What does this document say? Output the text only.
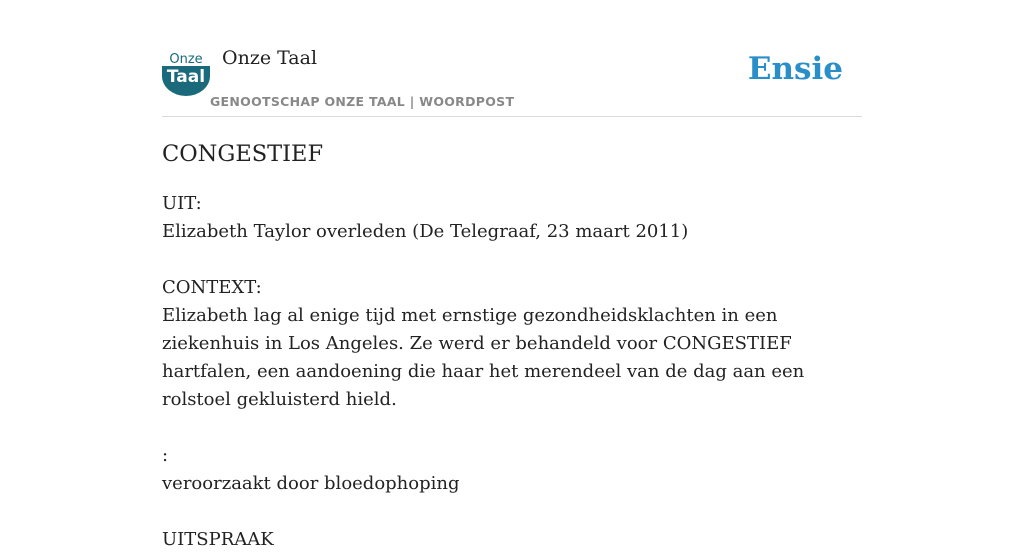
Onze
Taal
Onze Taal
GENOOTSCHAP ONZE TAAL | WOORDPOST
Ensie
CONGESTIEF

UIT:

Elizabeth Taylor overleden (De Telegraaf, 23 maart 2011)

CONTEXT:

Elizabeth lag al enige tijd met ernstige gezondheidsklachten in een ziekenhuis in Los Angeles. Ze werd er behandeld voor CONGESTIEF hartfalen, een aandoening die haar het merendeel van de dag aan een rolstoel gekluisterd hield.

:

veroorzaakt door bloedophoping

UITSPRAAK
